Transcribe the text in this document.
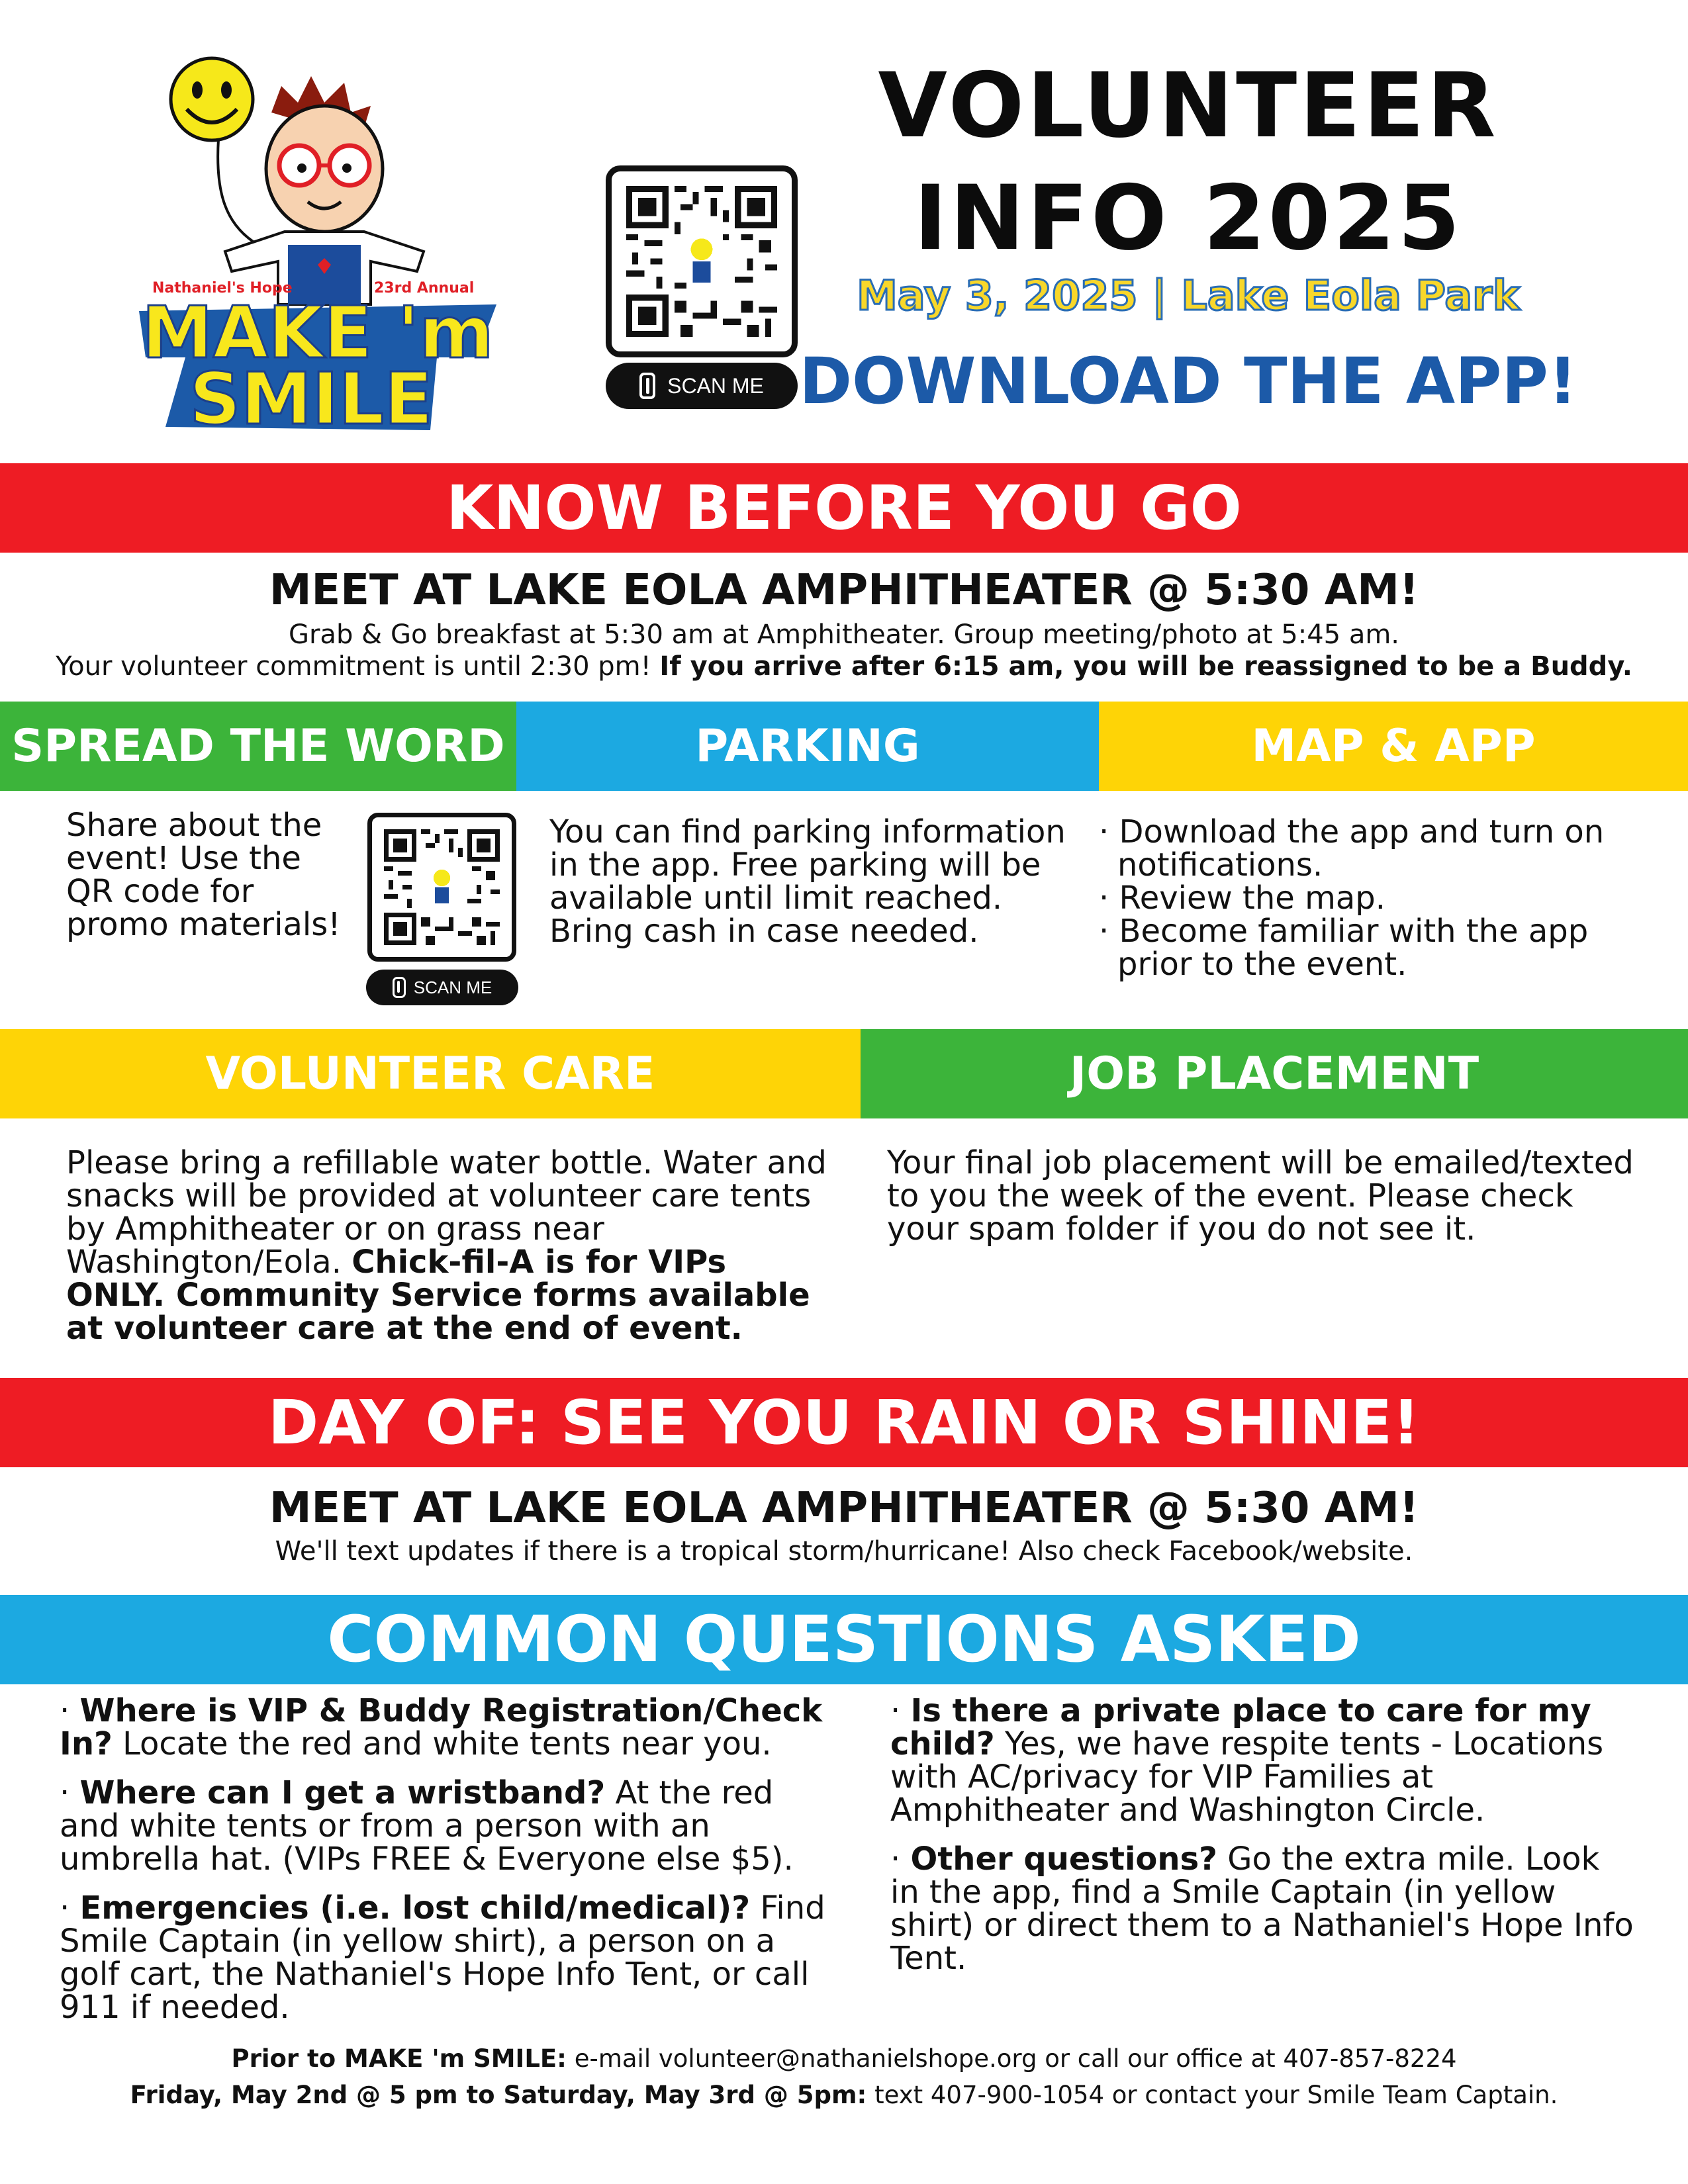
Nathaniel's Hope	23rd Annual
MAKE 'm
SMILE	SCAN ME
VOLUNTEER
INFO 2025
May 3, 2025 | Lake Eola Park
DOWNLOAD THE APP!
KNOW BEFORE YOU GO
MEET AT LAKE EOLA AMPHITHEATER @ 5:30 AM!
Grab & Go breakfast at 5:30 am at Amphitheater. Group meeting/photo at 5:45 am.
Your volunteer commitment is until 2:30 pm! If you arrive after 6:15 am, you will be reassigned to be a Buddy.
SPREAD THE WORD	PARKING	MAP & APP
Share about the event! Use the QR code for promo materials!
SCAN ME
You can find parking information in the app. Free parking will be available until limit reached. Bring cash in case needed.
· Download the app and turn on notifications.
· Review the map.
· Become familiar with the app prior to the event.
VOLUNTEER CARE	JOB PLACEMENT
Please bring a refillable water bottle. Water and snacks will be provided at volunteer care tents by Amphitheater or on grass near Washington/Eola. Chick-fil-A is for VIPs ONLY. Community Service forms available at volunteer care at the end of event.
Your final job placement will be emailed/texted to you the week of the event. Please check your spam folder if you do not see it.
DAY OF: SEE YOU RAIN OR SHINE!
MEET AT LAKE EOLA AMPHITHEATER @ 5:30 AM!
We'll text updates if there is a tropical storm/hurricane! Also check Facebook/website.
COMMON QUESTIONS ASKED

· Where is VIP & Buddy Registration/Check In? Locate the red and white tents near you.

· Where can I get a wristband? At the red and white tents or from a person with an umbrella hat. (VIPs FREE & Everyone else $5).

· Emergencies (i.e. lost child/medical)? Find Smile Captain (in yellow shirt), a person on a golf cart, the Nathaniel's Hope Info Tent, or call 911 if needed.

· Is there a private place to care for my child? Yes, we have respite tents - Locations with AC/privacy for VIP Families at Amphitheater and Washington Circle.

· Other questions? Go the extra mile. Look in the app, find a Smile Captain (in yellow shirt) or direct them to a Nathaniel's Hope Info Tent.

Prior to MAKE 'm SMILE: e-mail volunteer@nathanielshope.org or call our office at 407-857-8224
Friday, May 2nd @ 5 pm to Saturday, May 3rd @ 5pm: text 407-900-1054 or contact your Smile Team Captain.
